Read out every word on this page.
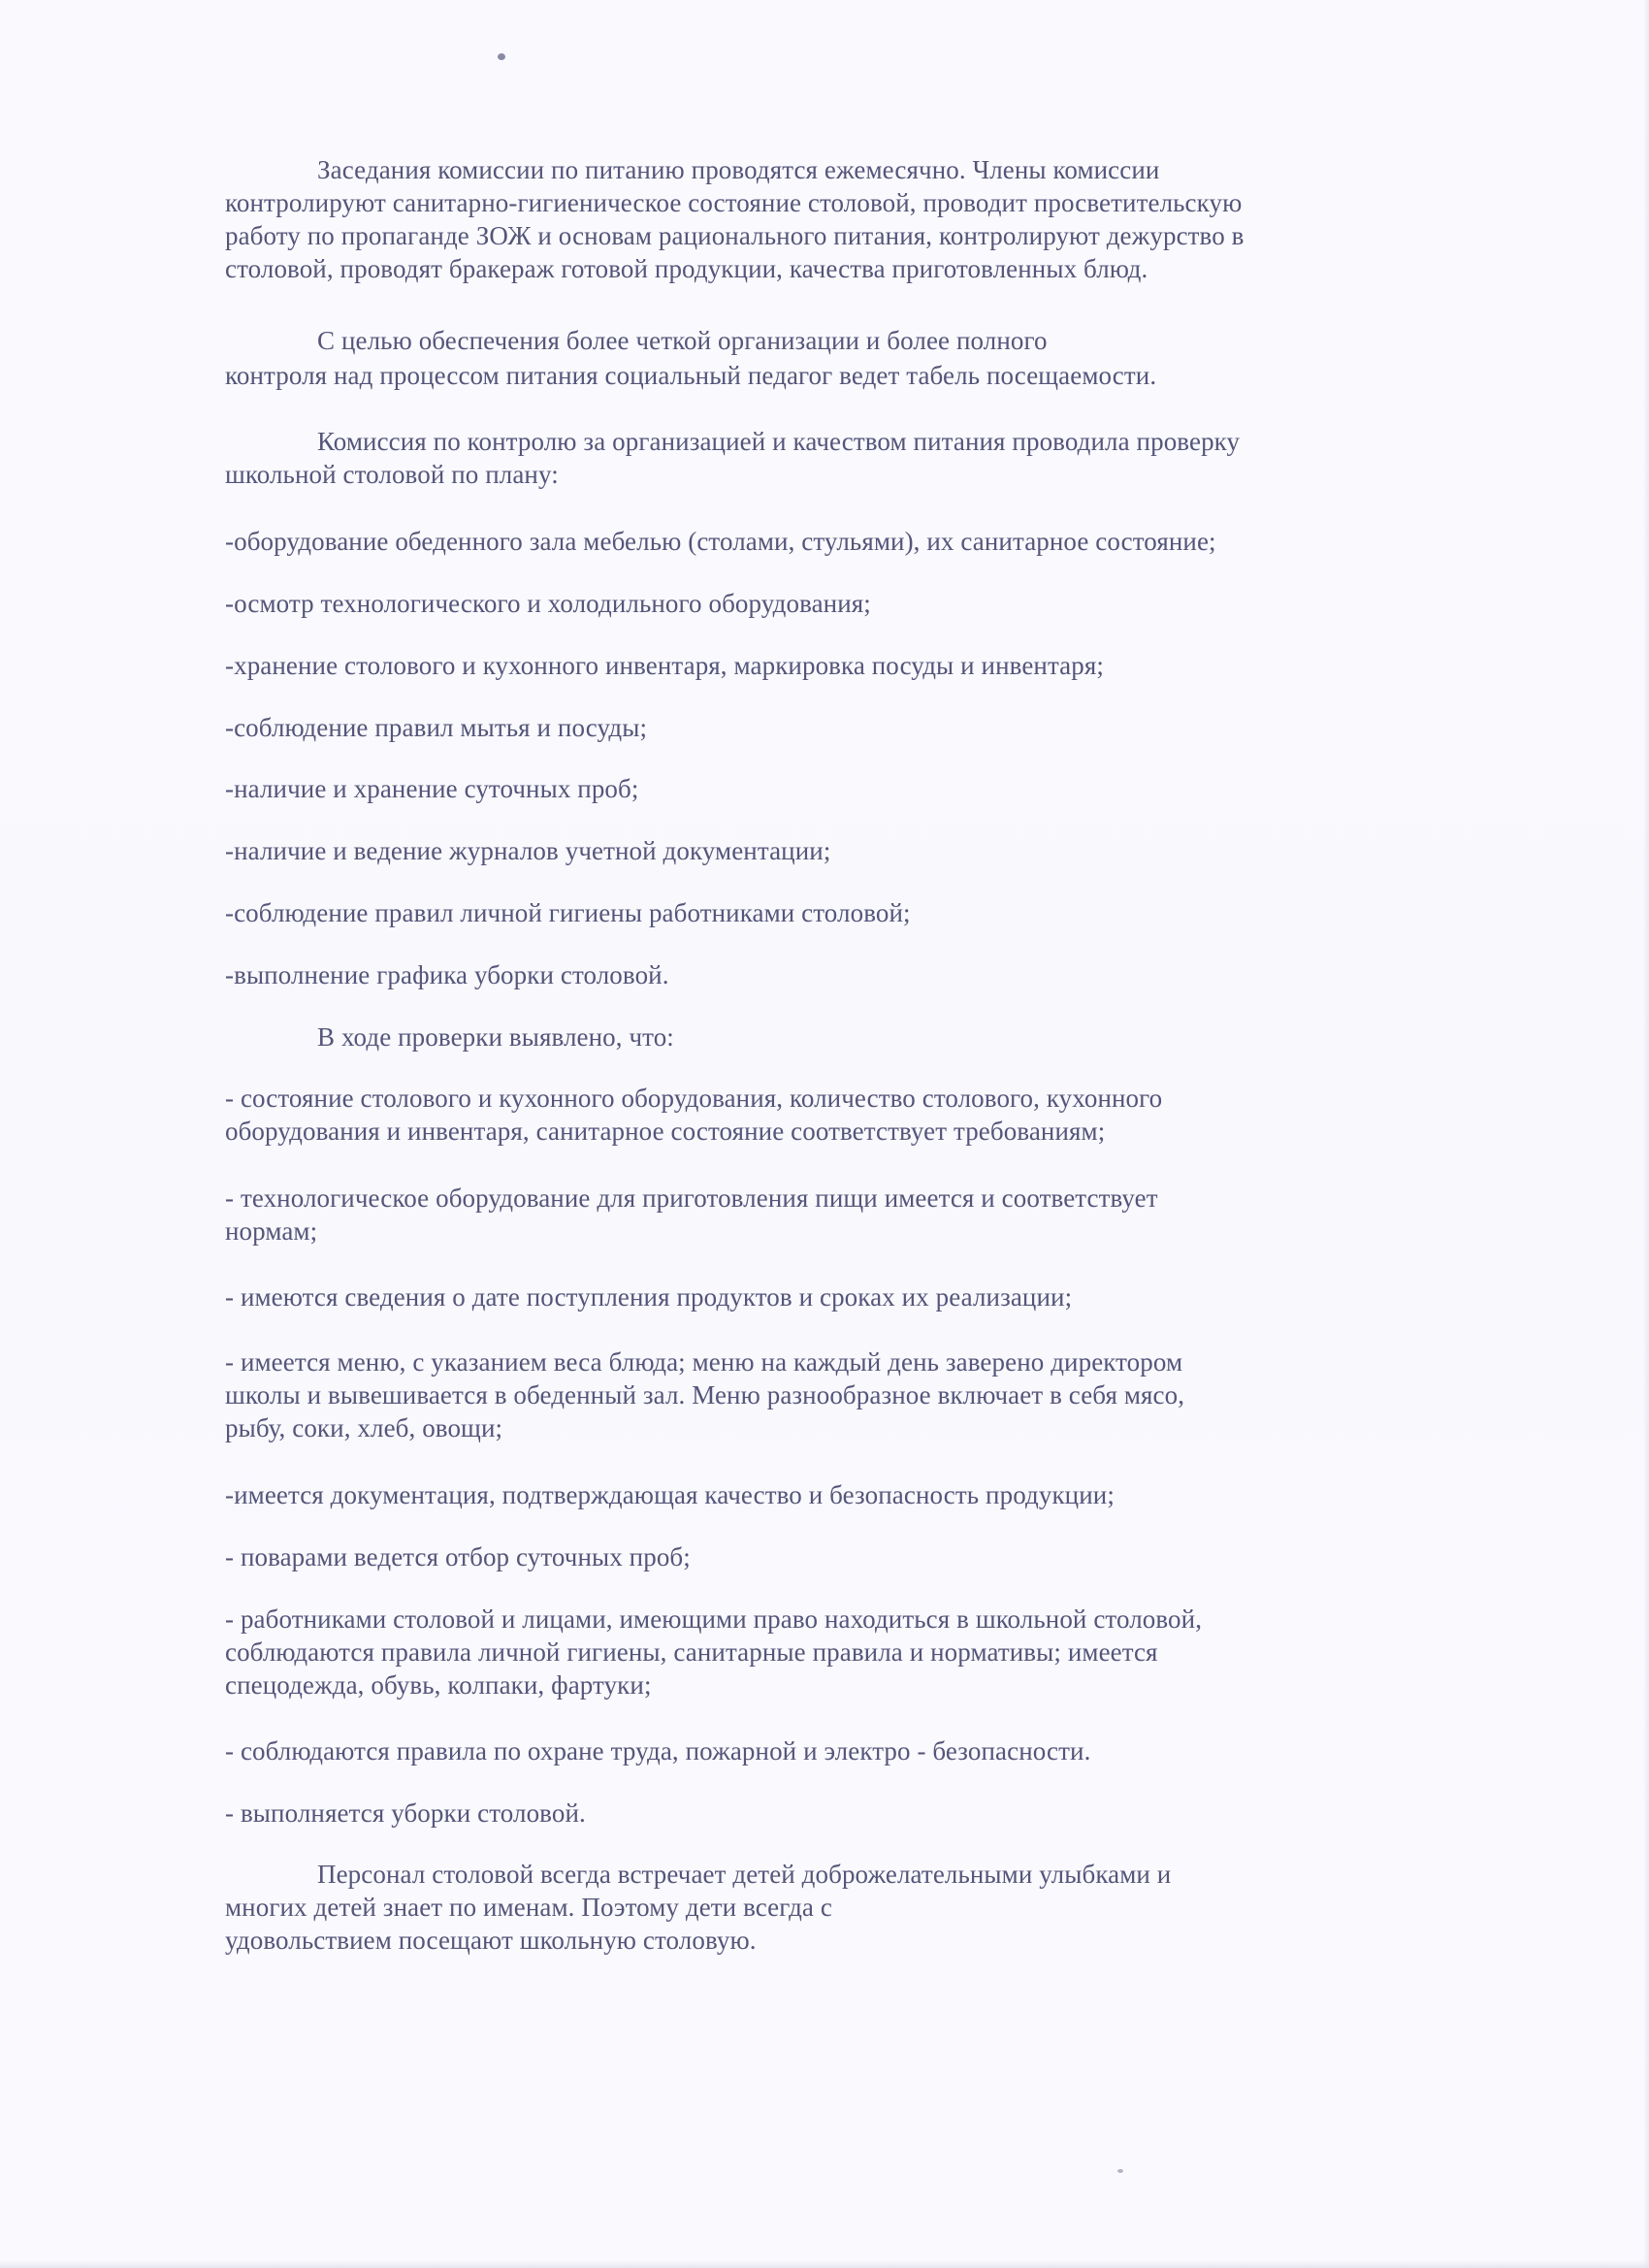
Заседания комиссии по питанию проводятся ежемесячно. Члены комиссии

контролируют санитарно-гигиеническое состояние столовой, проводит просветительскую

работу по пропаганде ЗОЖ и основам рационального питания, контролируют дежурство в

столовой, проводят бракераж готовой продукции, качества приготовленных блюд.

С целью обеспечения более четкой организации и более полного

контроля над процессом питания социальный педагог ведет табель посещаемости.

Комиссия по контролю за организацией и качеством питания проводила проверку

школьной столовой по плану:

-оборудование обеденного зала мебелью (столами, стульями), их санитарное состояние;

-осмотр технологического и холодильного оборудования;

-хранение столового и кухонного инвентаря, маркировка посуды и инвентаря;

-соблюдение правил мытья и посуды;

-наличие и хранение суточных проб;

-наличие и ведение журналов учетной документации;

-соблюдение правил личной гигиены работниками столовой;

-выполнение графика уборки столовой.

В ходе проверки выявлено, что:

- состояние столового и кухонного оборудования, количество столового, кухонного

оборудования и инвентаря, санитарное состояние соответствует требованиям;

- технологическое оборудование для приготовления пищи имеется и соответствует

нормам;

- имеются сведения о дате поступления продуктов и сроках их реализации;

- имеется меню, с указанием веса блюда; меню на каждый день заверено директором

школы и вывешивается в обеденный зал. Меню разнообразное включает в себя мясо,

рыбу, соки, хлеб, овощи;

-имеется документация, подтверждающая качество и безопасность продукции;

- поварами ведется отбор суточных проб;

- работниками столовой и лицами, имеющими право находиться в школьной столовой,

соблюдаются правила личной гигиены, санитарные правила и нормативы; имеется

спецодежда, обувь, колпаки, фартуки;

- соблюдаются правила по охране труда, пожарной и электро - безопасности.

- выполняется уборки столовой.

Персонал столовой всегда встречает детей доброжелательными улыбками и

многих детей знает по именам. Поэтому дети всегда с

удовольствием посещают школьную столовую.
